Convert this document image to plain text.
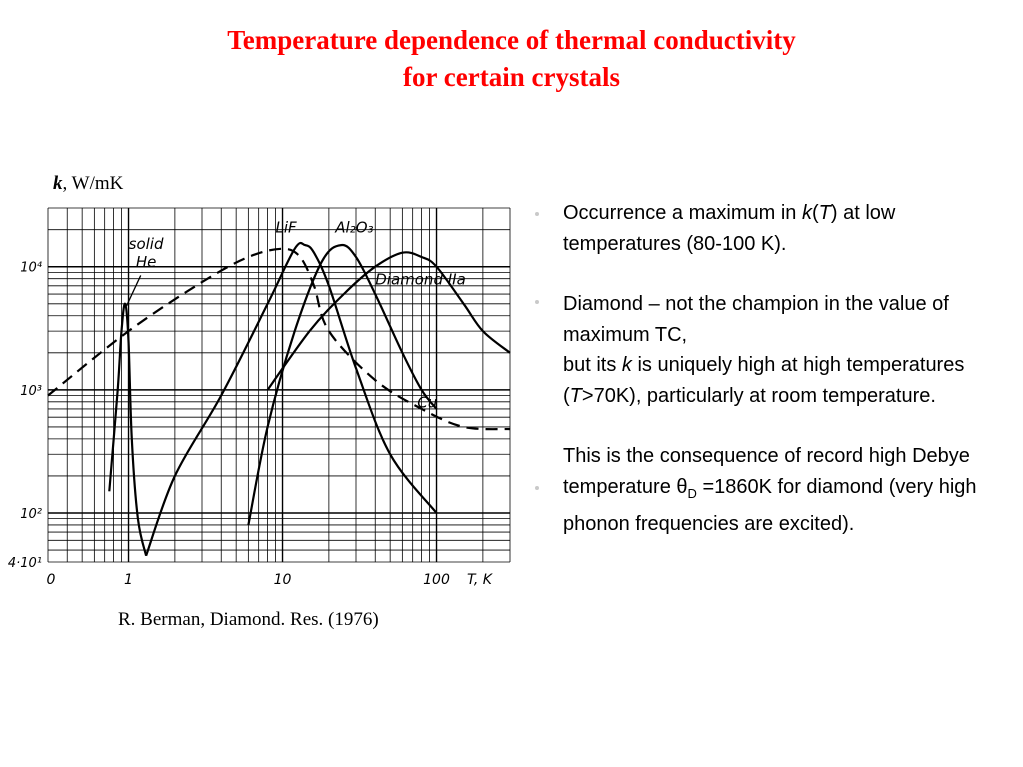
Temperature dependence of thermal conductivity
for certain crystals
k, W/mK
0	1	10	100 T, K
10⁴
10³
10²
4·10¹
solid
He
LiF	Al₂O₃
Diamond IIa
Cu
R. Berman, Diamond. Res. (1976)

Occurrence a maximum in k(T) at low temperatures (80-100 K).

Diamond – not the champion in the value of maximum TC,
but its k is uniquely high at high temperatures (T>70K), particularly at room temperature.

This is the consequence of record high Debye temperature $\theta_D =1860K$ for diamond (very high phonon frequencies are excited).
